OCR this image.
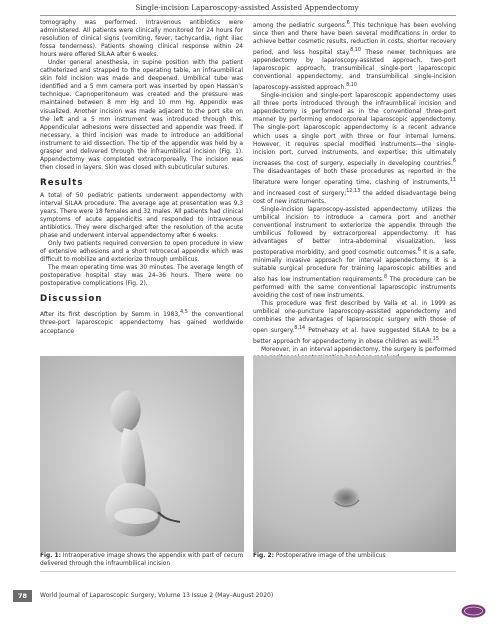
Single-incision Laparoscopy-assisted Assisted Appendectomy

tomography was performed. Intravenous antibiotics were administered. All patients were clinically monitored for 24 hours for resolution of clinical signs (vomiting, fever, tachycardia, right iliac fossa tenderness). Patients showing clinical response within 24 hours were offered SILAA after 6 weeks.

Under general anesthesia, in supine position with the patient catheterized and strapped to the operating table, an infraumbilical skin fold incision was made and deepened. Umbilical tube was identified and a 5 mm camera port was inserted by open Hassan's technique. Capnoperitoneum was created and the pressure was maintained between 8 mm Hg and 10 mm Hg. Appendix was visualized. Another incision was made adjacent to the port site on the left and a 5 mm instrument was introduced through this. Appendicular adhesions were dissected and appendix was freed. If necessary, a third incision was made to introduce an additional instrument to aid dissection. The tip of the appendix was held by a grasper and delivered through the infraumbilical incision (Fig. 1). Appendectomy was completed extracorporeally. The incision was then closed in layers. Skin was closed with subcuticular sutures.

Results

A total of 50 pediatric patients underwent appendectomy with interval SILAA procedure. The average age at presentation was 9.3 years. There were 18 females and 32 males. All patients had clinical symptoms of acute appendicitis and responded to intravenous antibiotics. They were discharged after the resolution of the acute phase and underwent interval appendectomy after 6 weeks.

Only two patients required conversion to open procedure in view of extensive adhesions and a short retrocecal appendix which was difficult to mobilize and exteriorize through umbilicus.

The mean operating time was 30 minutes. The average length of postoperative hospital stay was 24–36 hours. There were no postoperative complications (Fig. 2).

Discussion

After its first description by Semm in 1983,$^{4,5}$ the conventional three-port laparoscopic appendectomy has gained worldwide acceptance

among the pediatric surgeons.$^6$ This technique has been evolving since then and there have been several modifications in order to achieve better cosmetic results, reduction in costs, shorter recovery period, and less hospital stay.$^{8,10}$ These newer techniques are appendectomy by laparoscopy-assisted approach, two-port laparoscopic approach, transumbilical single-port laparoscopic conventional appendectomy, and transumbilical single-incision laparoscopy-assisted approach.$^{8,10}$

Single-incision and single-port laparoscopic appendectomy uses all three ports introduced through the infraumbilical incision and appendectomy is performed as in the conventional three-port manner by performing endocorporeal laparoscopic appendectomy. The single-port laparoscopic appendectomy is a recent advance which uses a single port with three or four internal lumens. However, it requires special modified instruments—the single-incision port, curved instruments, and expertise; this ultimately increases the cost of surgery, especially in developing countries.$^6$ The disadvantages of both these procedures as reported in the literature were longer operating time, clashing of instruments,$^{11}$ and increased cost of surgery;$^{12,13}$ the added disadvantage being cost of new instruments.

Single-incision laparoscopy-assisted appendectomy utilizes the umbilical incision to introduce a camera port and another conventional instrument to exteriorize the appendix through the umbilicus followed by extracorporeal appendectomy. It has advantages of better intra-abdominal visualization, less postoperative morbidity, and good cosmetic outcomes.$^6$ It is a safe, minimally invasive approach for interval appendectomy. It is a suitable surgical procedure for training laparoscopic abilities and also has low instrumentation requirements.$^8$ The procedure can be performed with the same conventional laparoscopic instruments avoiding the cost of new instruments.

This procedure was first described by Valla et al. in 1999 as umbilical one-puncture laparoscopy-assisted appendectomy and combines the advantages of laparoscopic surgery with those of open surgery.$^{8,14}$ Petnehazy et al. have suggested SILAA to be a better approach for appendectomy in obese children as well.$^{15}$

Moreover, in an interval appendectomy, the surgery is performed

Fig. 1: Intraoperative image shows the appendix with part of cecum delivered through the infraumbilical incision
Fig. 2: Postoperative image of the umbilicus
78	World Journal of Laparoscopic Surgery, Volume 13 Issue 2 (May–August 2020)
